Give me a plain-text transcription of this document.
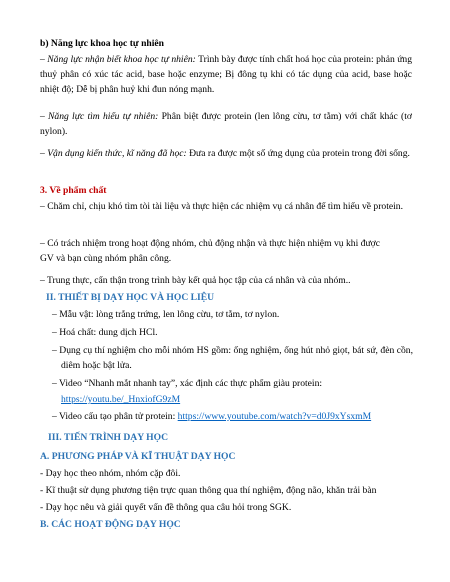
b) Năng lực khoa học tự nhiên

– Năng lực nhận biết khoa học tự nhiên: Trình bày được tính chất hoá học của protein: phản ứng thuỷ phân có xúc tác acid, base hoặc enzyme; Bị đông tụ khi có tác dụng của acid, base hoặc nhiệt độ; Dễ bị phân huỷ khi đun nóng mạnh.

– Năng lực tìm hiểu tự nhiên: Phân biệt được protein (len lông cừu, tơ tằm) với chất khác (tơ nylon).

– Vận dụng kiến thức, kĩ năng đã học: Đưa ra được một số ứng dụng của protein trong đời sống.

3. Về phẩm chất

– Chăm chỉ, chịu khó tìm tòi tài liệu và thực hiện các nhiệm vụ cá nhân để tìm hiểu về protein.

– Có trách nhiệm trong hoạt động nhóm, chủ động nhận và thực hiện nhiệm vụ khi được GV và bạn cùng nhóm phân công.

– Trung thực, cẩn thận trong trình bày kết quả học tập của cá nhân và của nhóm..

II. THIẾT BỊ DẠY HỌC VÀ HỌC LIỆU

– Mẫu vật: lòng trắng trứng, len lông cừu, tơ tằm, tơ nylon.

– Hoá chất: dung dịch HCl.

– Dụng cụ thí nghiệm cho mỗi nhóm HS gồm: ống nghiệm, ống hút nhỏ giọt, bát sứ, đèn cồn, diêm hoặc bật lửa.

– Video “Nhanh mắt nhanh tay”, xác định các thực phẩm giàu protein:

https://youtu.be/_HnxiofG9zM

– Video cấu tạo phân tử protein: https://www.youtube.com/watch?v=d0J9xYsxmM

III. TIẾN TRÌNH DẠY HỌC

A. PHƯƠNG PHÁP VÀ KĨ THUẬT DẠY HỌC

- Dạy học theo nhóm, nhóm cặp đôi.

- Kĩ thuật sử dụng phương tiện trực quan thông qua thí nghiệm, động não, khăn trải bàn

- Dạy học nêu và giải quyết vấn đề thông qua câu hỏi trong SGK.

B. CÁC HOẠT ĐỘNG DẠY HỌC
